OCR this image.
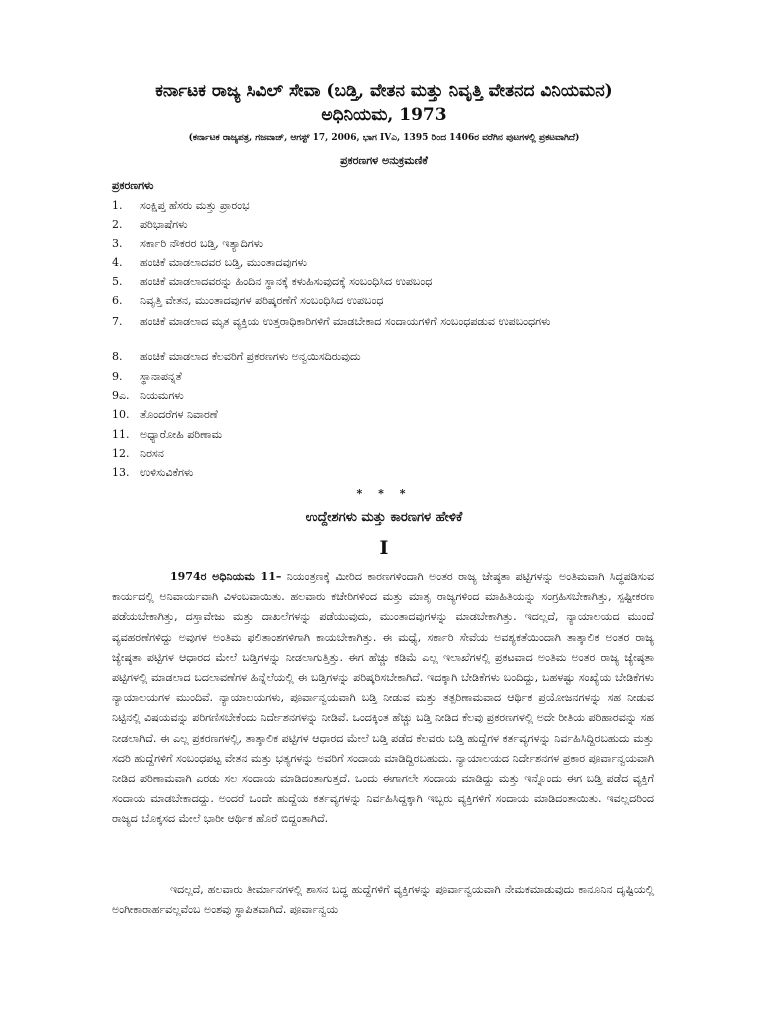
ಕರ್ನಾಟಕ ರಾಜ್ಯ ಸಿವಿಲ್ ಸೇವಾ (ಬಡ್ತಿ, ವೇತನ ಮತ್ತು ನಿವೃತ್ತಿ ವೇತನದ ವಿನಿಯಮನ)
ಅಧಿನಿಯಮ, 1973
(ಕರ್ನಾಟಕ ರಾಜ್ಯಪತ್ರ, ಗಜವಾಜ್, ಆಗಸ್ಟ್ 17, 2006, ಭಾಗ IVಎ, 1395 ರಿಂದ 1406ರ ವರೆಗಿನ ಪುಟಗಳಲ್ಲಿ ಪ್ರಕಟವಾಗಿದೆ)
ಪ್ರಕರಣಗಳ ಅನುಕ್ರಮಣಿಕೆ
ಪ್ರಕರಣಗಳು
1. ಸಂಕ್ಷಿಪ್ತ ಹೆಸರು ಮತ್ತು ಪ್ರಾರಂಭ
2. ಪರಿಭಾಷೆಗಳು
3. ಸರ್ಕಾರಿ ನೌಕರರ ಬಡ್ತಿ, ಇತ್ಯಾದಿಗಳು
4. ಹಂಚಿಕೆ ಮಾಡಲಾದವರ ಬಡ್ತಿ, ಮುಂತಾದವುಗಳು
5. ಹಂಚಿಕೆ ಮಾಡಲಾದವರನ್ನು ಹಿಂದಿನ ಸ್ಥಾನಕ್ಕೆ ಕಳುಹಿಸುವುದಕ್ಕೆ ಸಂಬಂಧಿಸಿದ ಉಪಬಂಧ
6. ನಿವೃತ್ತಿ ವೇತನ, ಮುಂತಾದವುಗಳ ಪರಿಷ್ಕರಣೆಗೆ ಸಂಬಂಧಿಸಿದ ಉಪಬಂಧ
7. ಹಂಚಿಕೆ ಮಾಡಲಾದ ಮೃತ ವ್ಯಕ್ತಿಯ ಉತ್ತರಾಧಿಕಾರಿಗಳಿಗೆ ಮಾಡಬೇಕಾದ ಸಂದಾಯಗಳಿಗೆ ಸಂಬಂಧಪಡುವ ಉಪಬಂಧಗಳು
8. ಹಂಚಿಕೆ ಮಾಡಲಾದ ಕೆಲವರಿಗೆ ಪ್ರಕರಣಗಳು ಅನ್ವಯಿಸದಿರುವುದು
9. ಸ್ಥಾನಾಪನ್ನತೆ
9ಎ. ನಿಯಮಗಳು
10. ತೊಂದರೆಗಳ ನಿವಾರಣೆ
11. ಅಧ್ಯಾರೋಹಿ ಪರಿಣಾಮ
12. ನಿರಸನ
13. ಉಳಿಸುವಿಕೆಗಳು
* * *
ಉದ್ದೇಶಗಳು ಮತ್ತು ಕಾರಣಗಳ ಹೇಳಿಕೆ
I
1974ರ ಅಧಿನಿಯಮ 11– ನಿಯಂತ್ರಣಕ್ಕೆ ಮೀರಿದ ಕಾರಣಗಳಿಂದಾಗಿ ಅಂತರ ರಾಜ್ಯ ಜೇಷ್ಠತಾ ಪಟ್ಟಿಗಳನ್ನು ಅಂತಿಮವಾಗಿ ಸಿದ್ಧಪಡಿಸುವ ಕಾರ್ಯದಲ್ಲಿ ಅನಿವಾರ್ಯವಾಗಿ ವಿಳಂಬವಾಯಿತು. ಹಲವಾರು ಕಚೇರಿಗಳಿಂದ ಮತ್ತು ಮಾತೃ ರಾಜ್ಯಗಳಿಂದ ಮಾಹಿತಿಯನ್ನು ಸಂಗ್ರಹಿಸಬೇಕಾಗಿತ್ತು, ಸ್ಪಷ್ಟೀಕರಣ ಪಡೆಯಬೇಕಾಗಿತ್ತು, ದಸ್ತಾವೇಜು ಮತ್ತು ದಾಖಲೆಗಳನ್ನು ಪಡೆಯುವುದು, ಮುಂತಾದವುಗಳನ್ನು ಮಾಡಬೇಕಾಗಿತ್ತು. ಇದಲ್ಲದೆ, ನ್ಯಾಯಾಲಯದ ಮುಂದೆ ವ್ಯವಹರಣೆಗಳಿದ್ದು ಅವುಗಳ ಅಂತಿಮ ಫಲಿತಾಂಶಗಳಿಗಾಗಿ ಕಾಯಬೇಕಾಗಿತ್ತು. ಈ ಮಧ್ಯೆ, ಸರ್ಕಾರಿ ಸೇವೆಯ ಅವಶ್ಯಕತೆಯಿಂದಾಗಿ ತಾತ್ಕಾಲಿಕ ಅಂತರ ರಾಜ್ಯ ಜ್ಯೇಷ್ಠತಾ ಪಟ್ಟಿಗಳ ಆಧಾರದ ಮೇಲೆ ಬಡ್ತಿಗಳನ್ನು ನೀಡಲಾಗುತ್ತಿತ್ತು. ಈಗ ಹೆಚ್ಚು ಕಡಿಮೆ ಎಲ್ಲ ಇಲಾಖೆಗಳಲ್ಲಿ ಪ್ರಕಟವಾದ ಅಂತಿಮ ಅಂತರ ರಾಜ್ಯ ಜ್ಯೇಷ್ಠತಾ ಪಟ್ಟಿಗಳಲ್ಲಿ ಮಾಡಲಾದ ಬದಲಾವಣೆಗಳ ಹಿನ್ನೆಲೆಯಲ್ಲಿ ಈ ಬಡ್ತಿಗಳನ್ನು ಪರಿಷ್ಕರಿಸಬೇಕಾಗಿದೆ. ಇದಕ್ಕಾಗಿ ಬೇಡಿಕೆಗಳು ಬಂದಿದ್ದು, ಬಹಳಷ್ಟು ಸಂಖ್ಯೆಯ ಬೇಡಿಕೆಗಳು ನ್ಯಾಯಾಲಯಗಳ ಮುಂದಿವೆ. ನ್ಯಾಯಾಲಯಗಳು, ಪೂರ್ವಾನ್ವಯವಾಗಿ ಬಡ್ತಿ ನೀಡುವ ಮತ್ತು ತತ್ಪರಿಣಾಮವಾದ ಆರ್ಥಿಕ ಪ್ರಯೋಜನಗಳನ್ನು ಸಹ ನೀಡುವ ನಿಟ್ಟಿನಲ್ಲಿ ವಿಷಯವನ್ನು ಪರಿಗಣಿಸಬೇಕೆಂದು ನಿರ್ದೇಶನಗಳನ್ನು ನೀಡಿವೆ. ಒಂದಕ್ಕಿಂತ ಹೆಚ್ಚು ಬಡ್ತಿ ನೀಡಿದ ಕೆಲವು ಪ್ರಕರಣಗಳಲ್ಲಿ ಅದೇ ರೀತಿಯ ಪರಿಹಾರವನ್ನು ಸಹ ನೀಡಲಾಗಿದೆ. ಈ ಎಲ್ಲ ಪ್ರಕರಣಗಳಲ್ಲಿ, ತಾತ್ಕಾಲಿಕ ಪಟ್ಟಿಗಳ ಆಧಾರದ ಮೇಲೆ ಬಡ್ತಿ ಪಡೆದ ಕೆಲವರು ಬಡ್ತಿ ಹುದ್ದೆಗಳ ಕರ್ತವ್ಯಗಳನ್ನು ನಿರ್ವಹಿಸಿದ್ದಿರಬಹುದು ಮತ್ತು ಸದರಿ ಹುದ್ದೆಗಳಿಗೆ ಸಂಬಂಧಪಟ್ಟ ವೇತನ ಮತ್ತು ಭತ್ಯಗಳನ್ನು ಅವರಿಗೆ ಸಂದಾಯ ಮಾಡಿದ್ದಿರಬಹುದು. ನ್ಯಾಯಾಲಯದ ನಿರ್ದೇಶನಗಳ ಪ್ರಕಾರ ಪೂರ್ವಾನ್ವಯವಾಗಿ ನೀಡಿದ ಪರಿಣಾಮವಾಗಿ ಎರಡು ಸಲ ಸಂದಾಯ ಮಾಡಿದಂತಾಗುತ್ತದೆ. ಒಂದು ಈಗಾಗಲೇ ಸಂದಾಯ ಮಾಡಿದ್ದು ಮತ್ತು ಇನ್ನೊಂದು ಈಗ ಬಡ್ತಿ ಪಡೆದ ವ್ಯಕ್ತಿಗೆ ಸಂದಾಯ ಮಾಡಬೇಕಾದದ್ದು. ಅಂದರೆ ಒಂದೇ ಹುದ್ದೆಯ ಕರ್ತವ್ಯಗಳನ್ನು ನಿರ್ವಹಿಸಿದ್ದಕ್ಕಾಗಿ ಇಬ್ಬರು ವ್ಯಕ್ತಿಗಳಿಗೆ ಸಂದಾಯ ಮಾಡಿದಂತಾಯಿತು. ಇವಲ್ಲದರಿಂದ ರಾಜ್ಯದ ಬೊಕ್ಕಸದ ಮೇಲೆ ಭಾರೀ ಆರ್ಥಿಕ ಹೊರೆ ಬಿದ್ದಂತಾಗಿದೆ.
ಇದಲ್ಲದೆ, ಹಲವಾರು ತೀರ್ಮಾನಗಳಲ್ಲಿ ಶಾಸನ ಬದ್ಧ ಹುದ್ದೆಗಳಿಗೆ ವ್ಯಕ್ತಿಗಳನ್ನು ಪೂರ್ವಾನ್ವಯವಾಗಿ ನೇಮಕಮಾಡುವುದು ಕಾನೂನಿನ ದೃಷ್ಟಿಯಲ್ಲಿ ಅಂಗೀಕಾರಾರ್ಹವಲ್ಲವೆಂಬ ಅಂಶವು ಸ್ಥಾಪಿತವಾಗಿದೆ. ಪೂರ್ವಾನ್ವಯ
